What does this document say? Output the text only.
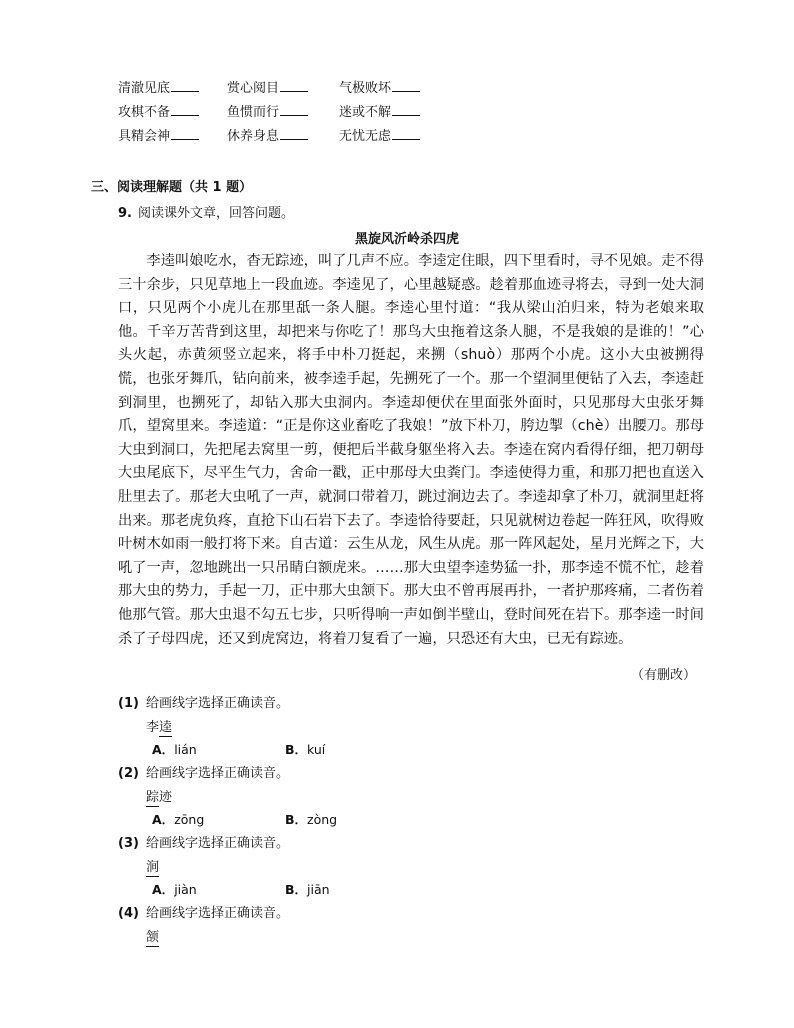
清澈见底	赏心阅目	气极败坏
攻棋不备	鱼惯而行	迷或不解
具精会神	休养身息	无忧无虑
三、阅读理解题（共 1 题）
9. 阅读课外文章，回答问题。
黑旋风沂岭杀四虎
李逵叫娘吃水，杳无踪迹，叫了几声不应。李逵定住眼，四下里看时，寻不见娘。走不得三十余步，只见草地上一段血迹。李逵见了，心里越疑惑。趁着那血迹寻将去，寻到一处大洞口，只见两个小虎儿在那里舐一条人腿。李逵心里忖道：“我从梁山泊归来，特为老娘来取他。千辛万苦背到这里，却把来与你吃了！那鸟大虫拖着这条人腿，不是我娘的是谁的！”心头火起，赤黄须竖立起来，将手中朴刀挺起，来搠（shuò）那两个小虎。这小大虫被搠得慌，也张牙舞爪，钻向前来，被李逵手起，先搠死了一个。那一个望洞里便钻了入去，李逵赶到洞里，也搠死了，却钻入那大虫洞内。李逵却便伏在里面张外面时，只见那母大虫张牙舞爪，望窝里来。李逵道：“正是你这业畜吃了我娘！”放下朴刀，胯边掣（chè）出腰刀。那母大虫到洞口，先把尾去窝里一剪，便把后半截身躯坐将入去。李逵在窝内看得仔细，把刀朝母大虫尾底下，尽平生气力，舍命一戳，正中那母大虫粪门。李逵使得力重，和那刀把也直送入肚里去了。那老大虫吼了一声，就洞口带着刀，跳过涧边去了。李逵却拿了朴刀，就洞里赶将出来。那老虎负疼，直抢下山石岩下去了。李逵恰待要赶，只见就树边卷起一阵狂风，吹得败叶树木如雨一般打将下来。自古道：云生从龙，风生从虎。那一阵风起处，星月光辉之下，大吼了一声，忽地跳出一只吊睛白额虎来。……那大虫望李逵势猛一扑，那李逵不慌不忙，趁着那大虫的势力，手起一刀，正中那大虫颔下。那大虫不曾再展再扑，一者护那疼痛，二者伤着他那气管。那大虫退不勾五七步，只听得响一声如倒半壁山，登时间死在岩下。那李逵一时间杀了子母四虎，还又到虎窝边，将着刀复看了一遍，只恐还有大虫，已无有踪迹。
（有删改）
(1) 给画线字选择正确读音。
李逵
A．lián	B．kuí
(2) 给画线字选择正确读音。
踪迹
A．zōng	B．zòng
(3) 给画线字选择正确读音。
涧
A．jiàn	B．jiān
(4) 给画线字选择正确读音。
颔
